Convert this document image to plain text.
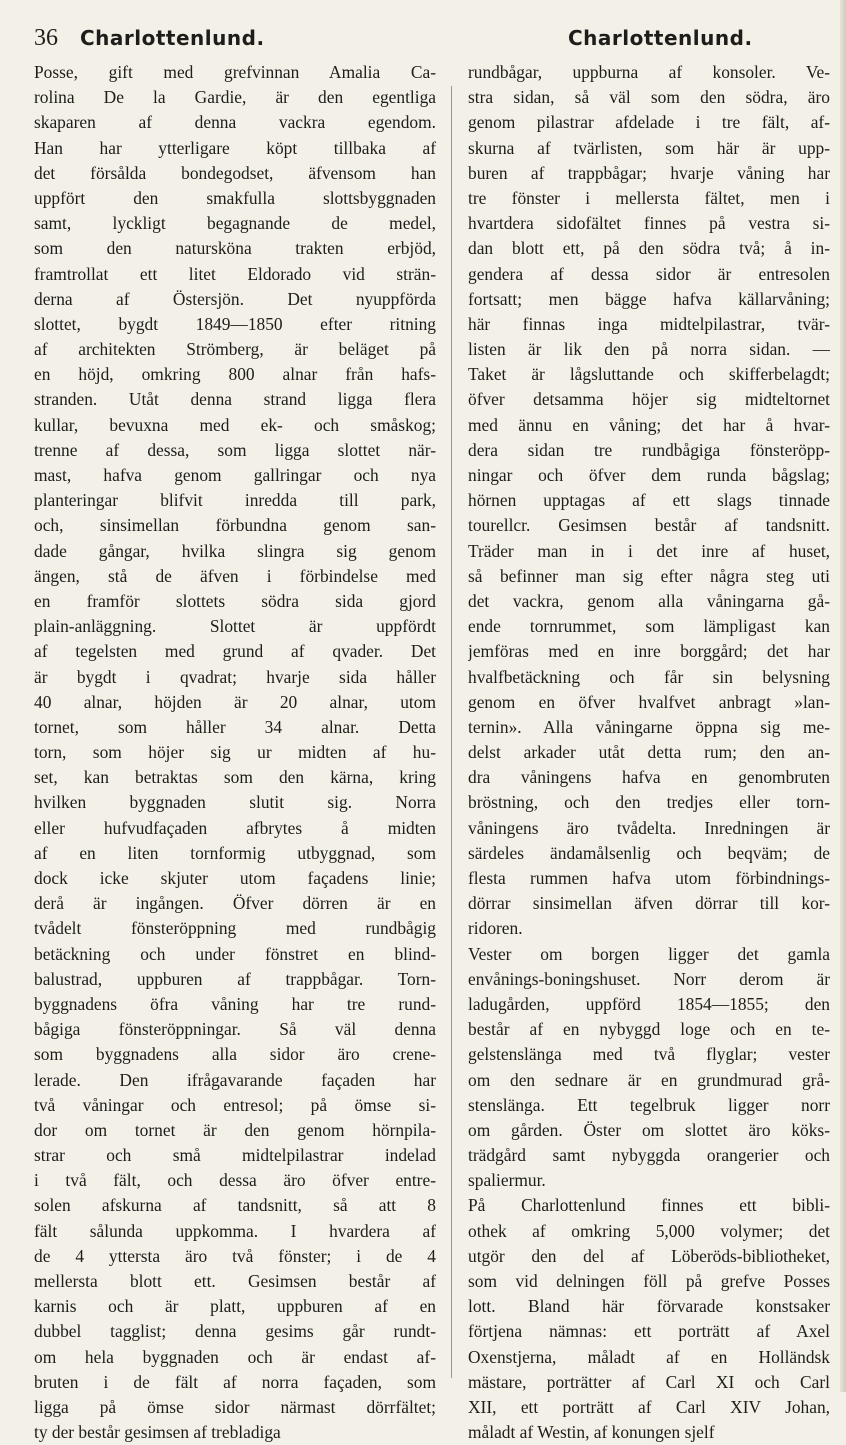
36 Charlottenlund.	Charlottenlund.
Posse, gift med grefvinnan Amalia Ca-
rolina De la Gardie, är den egentliga
skaparen af denna vackra egendom.
Han har ytterligare köpt tillbaka af
det försålda bondegodset, äfvensom han
uppfört den smakfulla slottsbyggnaden
samt, lyckligt begagnande de medel,
som den natursköna trakten erbjöd,
framtrollat ett litet Eldorado vid strän-
derna af Östersjön. Det nyuppförda
slottet, bygdt 1849—1850 efter ritning
af architekten Strömberg, är beläget på
en höjd, omkring 800 alnar från hafs-
stranden. Utåt denna strand ligga flera
kullar, bevuxna med ek- och småskog;
trenne af dessa, som ligga slottet när-
mast, hafva genom gallringar och nya
planteringar blifvit inredda till park,
och, sinsimellan förbundna genom san-
dade gångar, hvilka slingra sig genom
ängen, stå de äfven i förbindelse med
en framför slottets södra sida gjord
plain-anläggning. Slottet är uppfördt
af tegelsten med grund af qvader. Det
är bygdt i qvadrat; hvarje sida håller
40 alnar, höjden är 20 alnar, utom
tornet, som håller 34 alnar. Detta
torn, som höjer sig ur midten af hu-
set, kan betraktas som den kärna, kring
hvilken byggnaden slutit sig. Norra
eller hufvudfaçaden afbrytes å midten
af en liten tornformig utbyggnad, som
dock icke skjuter utom façadens linie;
derå är ingången. Öfver dörren är en
tvådelt fönsteröppning med rundbågig
betäckning och under fönstret en blind-
balustrad, uppburen af trappbågar. Torn-
byggnadens öfra våning har tre rund-
bågiga fönsteröppningar. Så väl denna
som byggnadens alla sidor äro crene-
lerade. Den ifrågavarande façaden har
två våningar och entresol; på ömse si-
dor om tornet är den genom hörnpila-
strar och små midtelpilastrar indelad
i två fält, och dessa äro öfver entre-
solen afskurna af tandsnitt, så att 8
fält sålunda uppkomma. I hvardera af
de 4 yttersta äro två fönster; i de 4
mellersta blott ett. Gesimsen består af
karnis och är platt, uppburen af en
dubbel tagglist; denna gesims går rundt-
om hela byggnaden och är endast af-
bruten i de fält af norra façaden, som
ligga på ömse sidor närmast dörrfältet;
ty der består gesimsen af trebladiga
rundbågar, uppburna af konsoler. Ve-
stra sidan, så väl som den södra, äro
genom pilastrar afdelade i tre fält, af-
skurna af tvärlisten, som här är upp-
buren af trappbågar; hvarje våning har
tre fönster i mellersta fältet, men i
hvartdera sidofältet finnes på vestra si-
dan blott ett, på den södra två; å in-
gendera af dessa sidor är entresolen
fortsatt; men bägge hafva källarvåning;
här finnas inga midtelpilastrar, tvär-
listen är lik den på norra sidan. —
Taket är lågsluttande och skifferbelagdt;
öfver detsamma höjer sig midteltornet
med ännu en våning; det har å hvar-
dera sidan tre rundbågiga fönsteröpp-
ningar och öfver dem runda bågslag;
hörnen upptagas af ett slags tinnade
tourellcr. Gesimsen består af tandsnitt.
Träder man in i det inre af huset,
så befinner man sig efter några steg uti
det vackra, genom alla våningarna gå-
ende tornrummet, som lämpligast kan
jemföras med en inre borggård; det har
hvalfbetäckning och får sin belysning
genom en öfver hvalfvet anbragt »lan-
ternin». Alla våningarne öppna sig me-
delst arkader utåt detta rum; den an-
dra våningens hafva en genombruten
bröstning, och den tredjes eller torn-
våningens äro tvådelta. Inredningen är
särdeles ändamålsenlig och beqväm; de
flesta rummen hafva utom förbindnings-
dörrar sinsimellan äfven dörrar till kor-
ridoren.
Vester om borgen ligger det gamla
envånings-boningshuset. Norr derom är
ladugården, uppförd 1854—1855; den
består af en nybyggd loge och en te-
gelstenslänga med två flyglar; vester
om den sednare är en grundmurad grå-
stenslänga. Ett tegelbruk ligger norr
om gården. Öster om slottet äro köks-
trädgård samt nybyggda orangerier och
spaliermur.
På Charlottenlund finnes ett bibli-
othek af omkring 5,000 volymer; det
utgör den del af Löberöds-bibliotheket,
som vid delningen föll på grefve Posses
lott. Bland här förvarade konstsaker
förtjena nämnas: ett porträtt af Axel
Oxenstjerna, måladt af en Holländsk
mästare, porträtter af Carl XI och Carl
XII, ett porträtt af Carl XIV Johan,
måladt af Westin, af konungen sjelf
